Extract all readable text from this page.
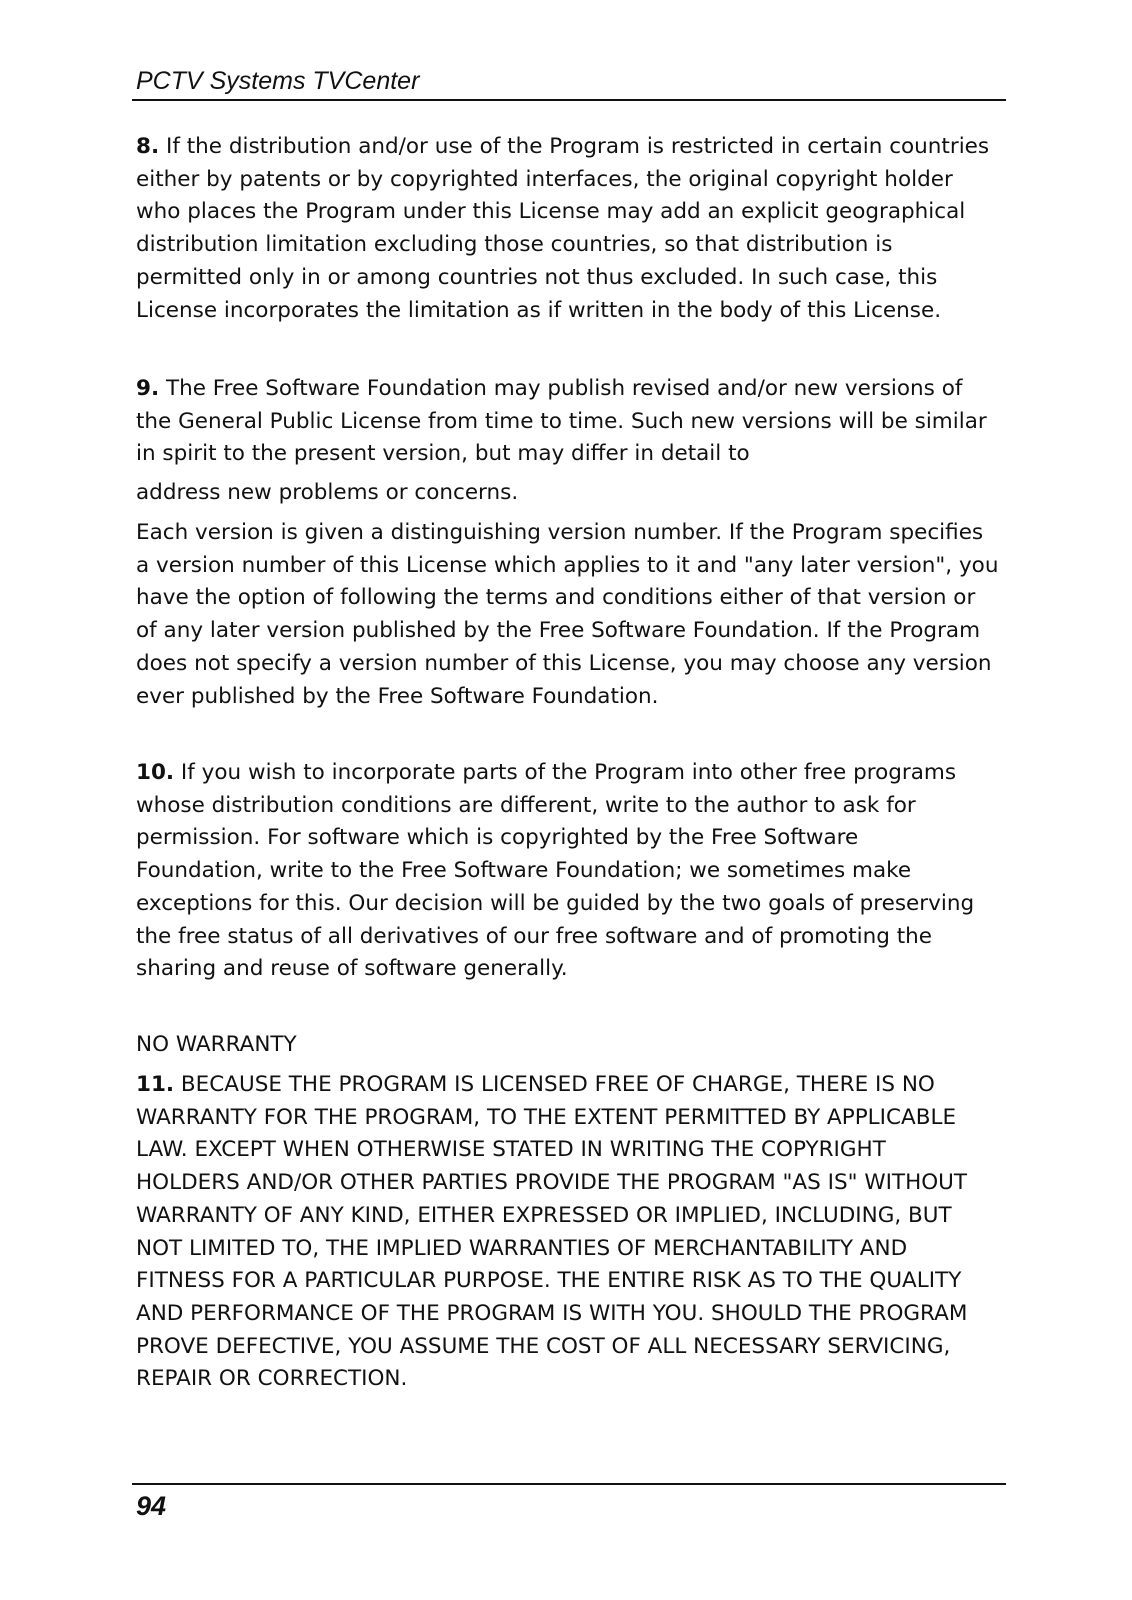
PCTV Systems TVCenter
8. If the distribution and/or use of the Program is restricted in certain countries
either by patents or by copyrighted interfaces, the original copyright holder
who places the Program under this License may add an explicit geographical
distribution limitation excluding those countries, so that distribution is
permitted only in or among countries not thus excluded. In such case, this
License incorporates the limitation as if written in the body of this License.
9. The Free Software Foundation may publish revised and/or new versions of
the General Public License from time to time. Such new versions will be similar
in spirit to the present version, but may differ in detail to
address new problems or concerns.
Each version is given a distinguishing version number. If the Program specifies
a version number of this License which applies to it and "any later version", you
have the option of following the terms and conditions either of that version or
of any later version published by the Free Software Foundation. If the Program
does not specify a version number of this License, you may choose any version
ever published by the Free Software Foundation.
10. If you wish to incorporate parts of the Program into other free programs
whose distribution conditions are different, write to the author to ask for
permission. For software which is copyrighted by the Free Software
Foundation, write to the Free Software Foundation; we sometimes make
exceptions for this. Our decision will be guided by the two goals of preserving
the free status of all derivatives of our free software and of promoting the
sharing and reuse of software generally.
NO WARRANTY
11. BECAUSE THE PROGRAM IS LICENSED FREE OF CHARGE, THERE IS NO
WARRANTY FOR THE PROGRAM, TO THE EXTENT PERMITTED BY APPLICABLE
LAW. EXCEPT WHEN OTHERWISE STATED IN WRITING THE COPYRIGHT
HOLDERS AND/OR OTHER PARTIES PROVIDE THE PROGRAM "AS IS" WITHOUT
WARRANTY OF ANY KIND, EITHER EXPRESSED OR IMPLIED, INCLUDING, BUT
NOT LIMITED TO, THE IMPLIED WARRANTIES OF MERCHANTABILITY AND
FITNESS FOR A PARTICULAR PURPOSE. THE ENTIRE RISK AS TO THE QUALITY
AND PERFORMANCE OF THE PROGRAM IS WITH YOU. SHOULD THE PROGRAM
PROVE DEFECTIVE, YOU ASSUME THE COST OF ALL NECESSARY SERVICING,
REPAIR OR CORRECTION.
94
